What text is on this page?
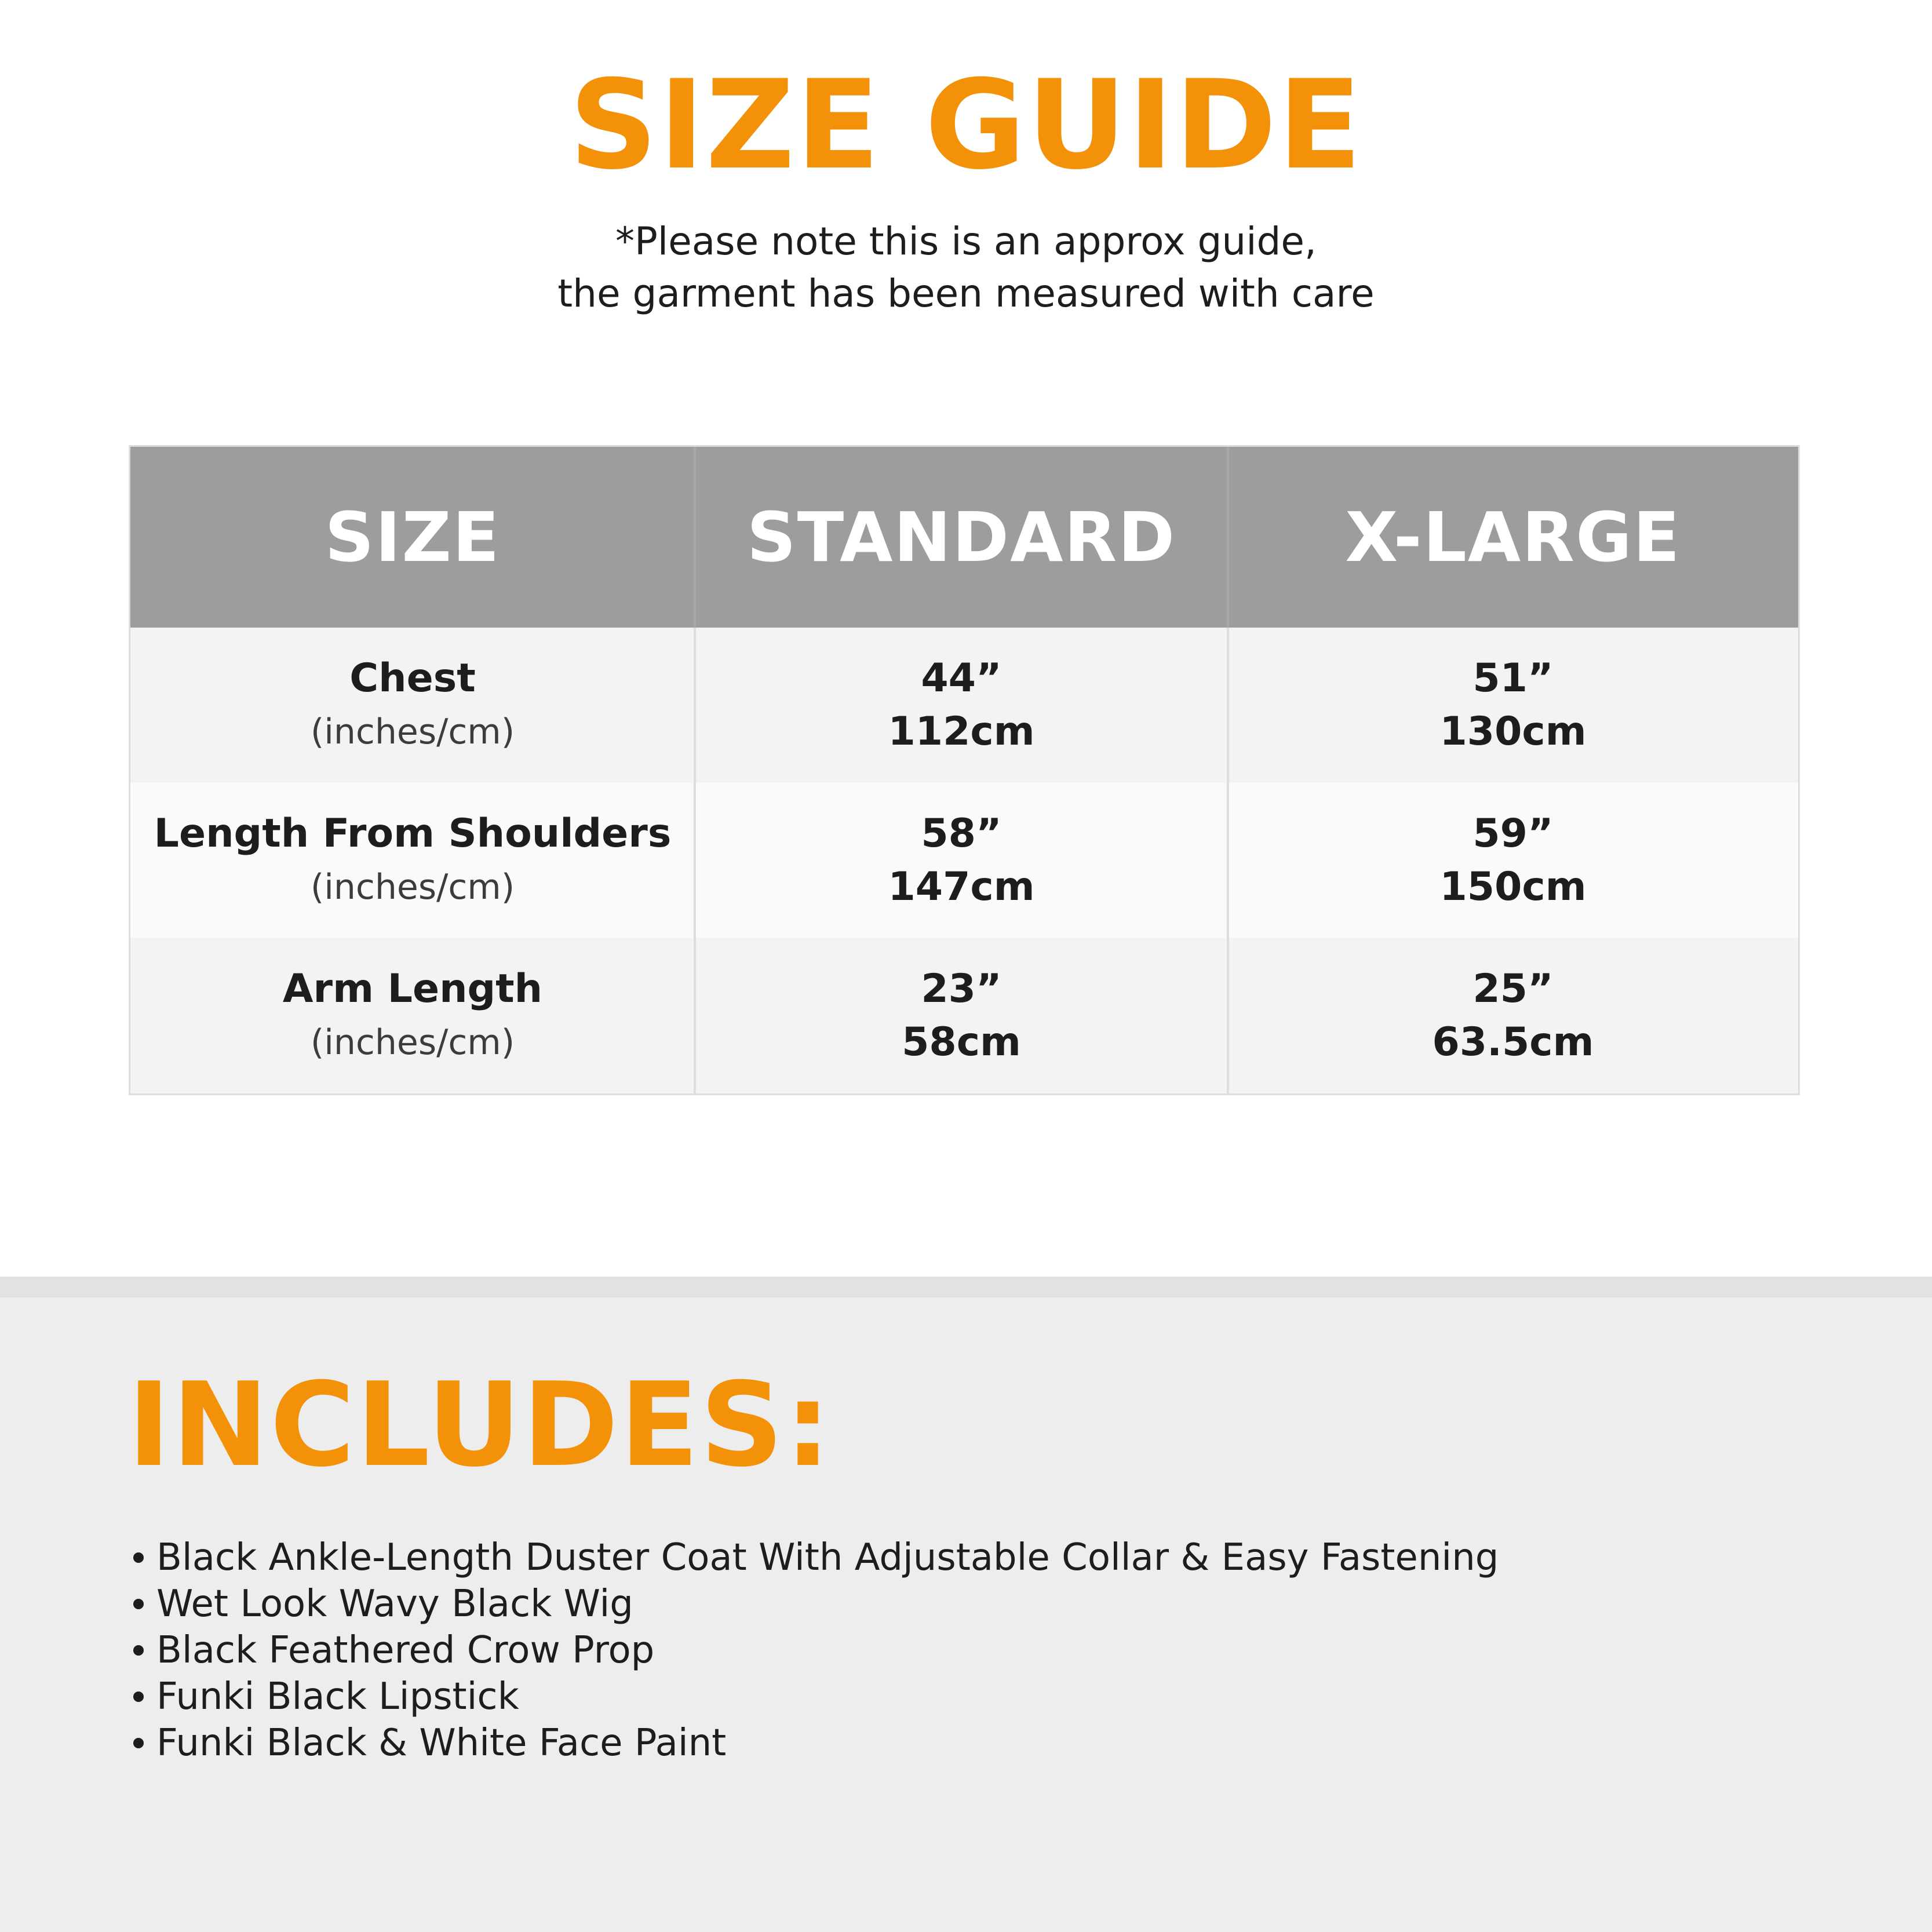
SIZE GUIDE
*Please note this is an approx guide,
the garment has been measured with care
SIZE	STANDARD	X-LARGE
Chest
(inches/cm)
44”
112cm
51”
130cm
Length From Shoulders
(inches/cm)
58”
147cm
59”
150cm
Arm Length
(inches/cm)
23”
58cm
25”
63.5cm
INCLUDES:
Black Ankle-Length Duster Coat With Adjustable Collar & Easy Fastening
Wet Look Wavy Black Wig
Black Feathered Crow Prop
Funki Black Lipstick
Funki Black & White Face Paint
